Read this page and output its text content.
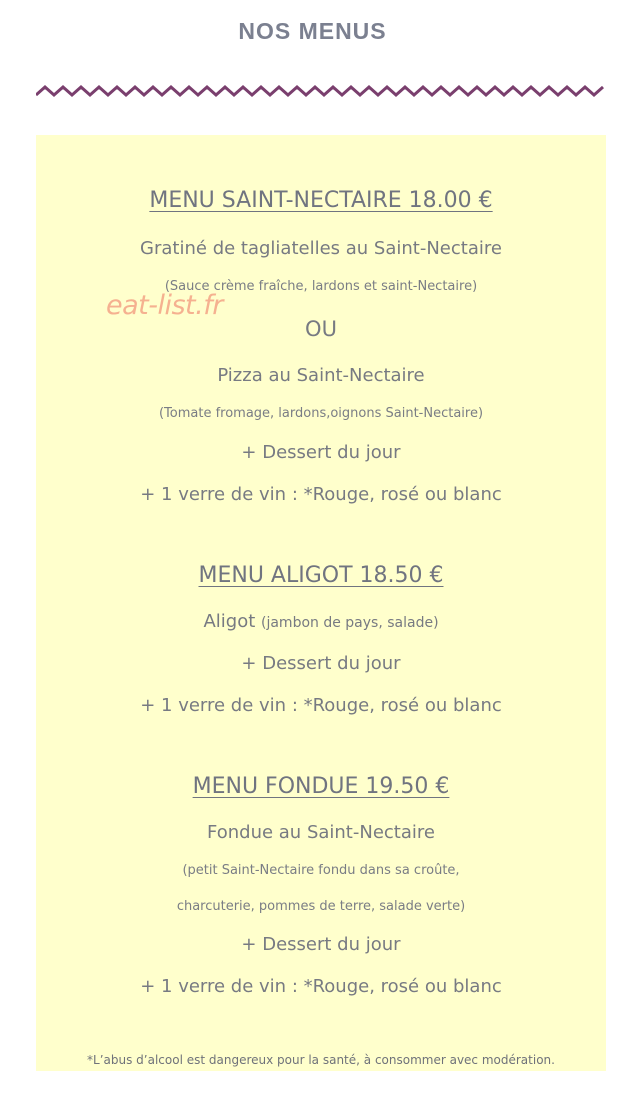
NOS MENUS
MENU SAINT-NECTAIRE 18.00 €
Gratiné de tagliatelles au Saint-Nectaire
(Sauce crème fraîche, lardons et saint-Nectaire)
OU
Pizza au Saint-Nectaire
(Tomate fromage, lardons,oignons Saint-Nectaire)
+ Dessert du jour
+ 1 verre de vin : *Rouge, rosé ou blanc
eat-list.fr
MENU ALIGOT 18.50 €
Aligot (jambon de pays, salade)
+ Dessert du jour
+ 1 verre de vin : *Rouge, rosé ou blanc
MENU FONDUE 19.50 €
Fondue au Saint-Nectaire
(petit Saint-Nectaire fondu dans sa croûte,
charcuterie, pommes de terre, salade verte)
+ Dessert du jour
+ 1 verre de vin : *Rouge, rosé ou blanc
*L’abus d’alcool est dangereux pour la santé, à consommer avec modération.
